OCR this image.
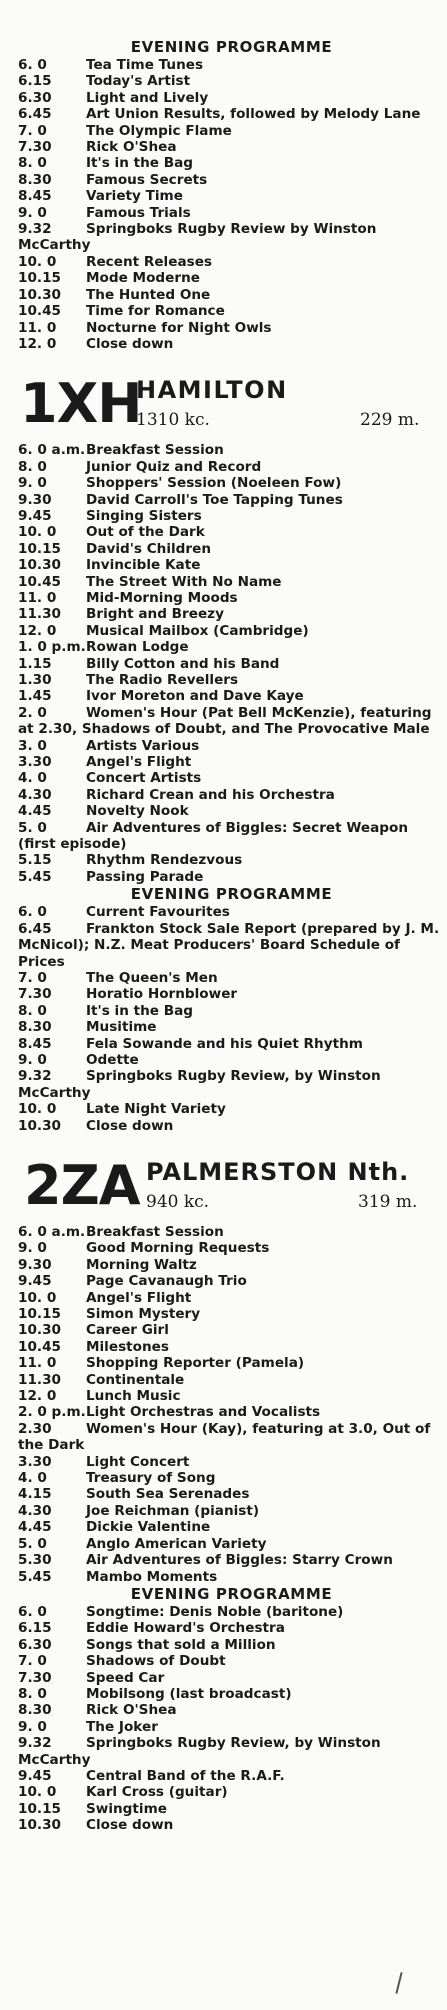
EVENING PROGRAMME
6. 0	Tea Time Tunes
6.15	Today's Artist
6.30	Light and Lively
6.45	Art Union Results, followed by Melody Lane
7. 0	The Olympic Flame
7.30	Rick O'Shea
8. 0	It's in the Bag
8.30	Famous Secrets
8.45	Variety Time
9. 0	Famous Trials
9.32	Springboks Rugby Review by Winston McCarthy
10. 0 Recent Releases
10.15 Mode Moderne
10.30 The Hunted One
10.45 Time for Romance
11. 0 Nocturne for Night Owls
12. 0 Close down
1XH
HAMILTON
1310 kc.	229 m.
6. 0 a.m.Breakfast Session
8. 0	Junior Quiz and Record
9. 0	Shoppers' Session (Noeleen Fow)
9.30	David Carroll's Toe Tapping Tunes
9.45	Singing Sisters
10. 0 Out of the Dark
10.15 David's Children
10.30 Invincible Kate
10.45 The Street With No Name
11. 0 Mid-Morning Moods
11.30 Bright and Breezy
12. 0 Musical Mailbox (Cambridge)
1. 0 p.m.Rowan Lodge
1.15	Billy Cotton and his Band
1.30	The Radio Revellers
1.45	Ivor Moreton and Dave Kaye
2. 0	Women's Hour (Pat Bell McKenzie), featuring at 2.30, Shadows of Doubt, and The Provocative Male
3. 0	Artists Various
3.30	Angel's Flight
4. 0	Concert Artists
4.30	Richard Crean and his Orchestra
4.45	Novelty Nook
5. 0	Air Adventures of Biggles: Secret Weapon (first episode)
5.15	Rhythm Rendezvous
5.45	Passing Parade
EVENING PROGRAMME
6. 0	Current Favourites
6.45	Frankton Stock Sale Report (prepared by J. M. McNicol); N.Z. Meat Producers' Board Schedule of Prices
7. 0	The Queen's Men
7.30	Horatio Hornblower
8. 0	It's in the Bag
8.30	Musitime
8.45	Fela Sowande and his Quiet Rhythm
9. 0	Odette
9.32	Springboks Rugby Review, by Winston McCarthy
10. 0 Late Night Variety
10.30 Close down
2ZA PALMERSTON Nth.
940 kc.	319 m.
6. 0 a.m.Breakfast Session
9. 0	Good Morning Requests
9.30	Morning Waltz
9.45	Page Cavanaugh Trio
10. 0 Angel's Flight
10.15 Simon Mystery
10.30 Career Girl
10.45 Milestones
11. 0 Shopping Reporter (Pamela)
11.30 Continentale
12. 0 Lunch Music
2. 0 p.m.Light Orchestras and Vocalists
2.30	Women's Hour (Kay), featuring at 3.0, Out of the Dark
3.30	Light Concert
4. 0	Treasury of Song
4.15	South Sea Serenades
4.30	Joe Reichman (pianist)
4.45	Dickie Valentine
5. 0	Anglo American Variety
5.30	Air Adventures of Biggles: Starry Crown
5.45	Mambo Moments
EVENING PROGRAMME
6. 0	Songtime: Denis Noble (baritone)
6.15	Eddie Howard's Orchestra
6.30	Songs that sold a Million
7. 0	Shadows of Doubt
7.30	Speed Car
8. 0	Mobilsong (last broadcast)
8.30	Rick O'Shea
9. 0	The Joker
9.32	Springboks Rugby Review, by Winston McCarthy
9.45	Central Band of the R.A.F.
10. 0 Karl Cross (guitar)
10.15 Swingtime
10.30 Close down
